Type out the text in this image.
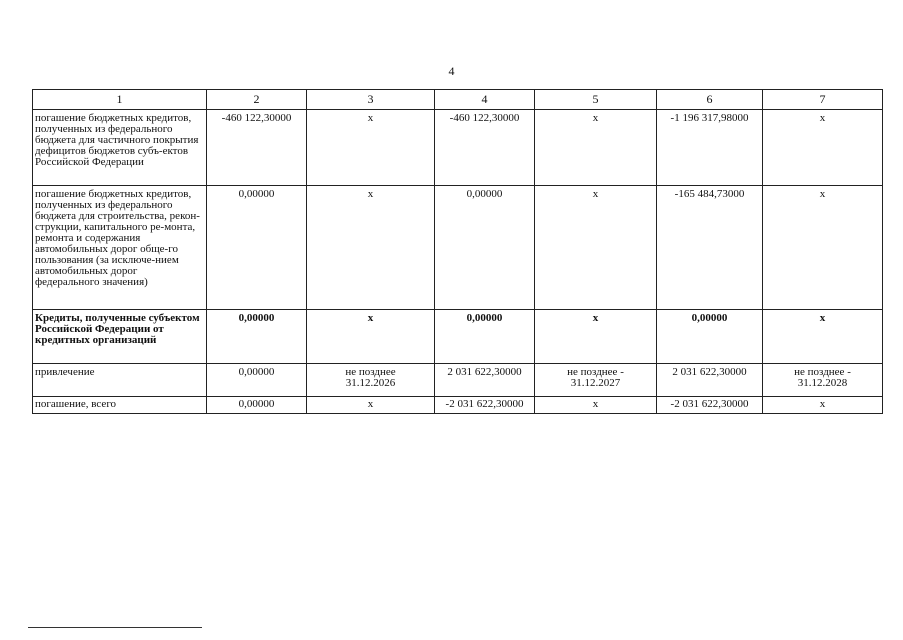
4
1	2	3	4	5	6	7
погашение бюджетных кредитов, полученных из федерального бюджета для частичного покрытия дефицитов бюджетов субъ-ектов Российской Федерации	-460 122,30000	х	-460 122,30000	х	-1 196 317,98000	х
погашение бюджетных кредитов, полученных из федерального бюджета для строительства, рекон-струкции, капитального ре-монта, ремонта и содержания автомобильных дорог обще-го пользования (за исключе-нием автомобильных дорог федерального значения)	0,00000	х	0,00000	х	-165 484,73000	х
Кредиты, полученные субъектом Российской Федерации от кредитных организаций	0,00000	х	0,00000	х	0,00000	х
привлечение	0,00000	не позднее 31.12.2026	2 031 622,30000	не позднее - 31.12.2027	2 031 622,30000	не позднее - 31.12.2028
погашение, всего	0,00000	х	-2 031 622,30000	х	-2 031 622,30000	х
